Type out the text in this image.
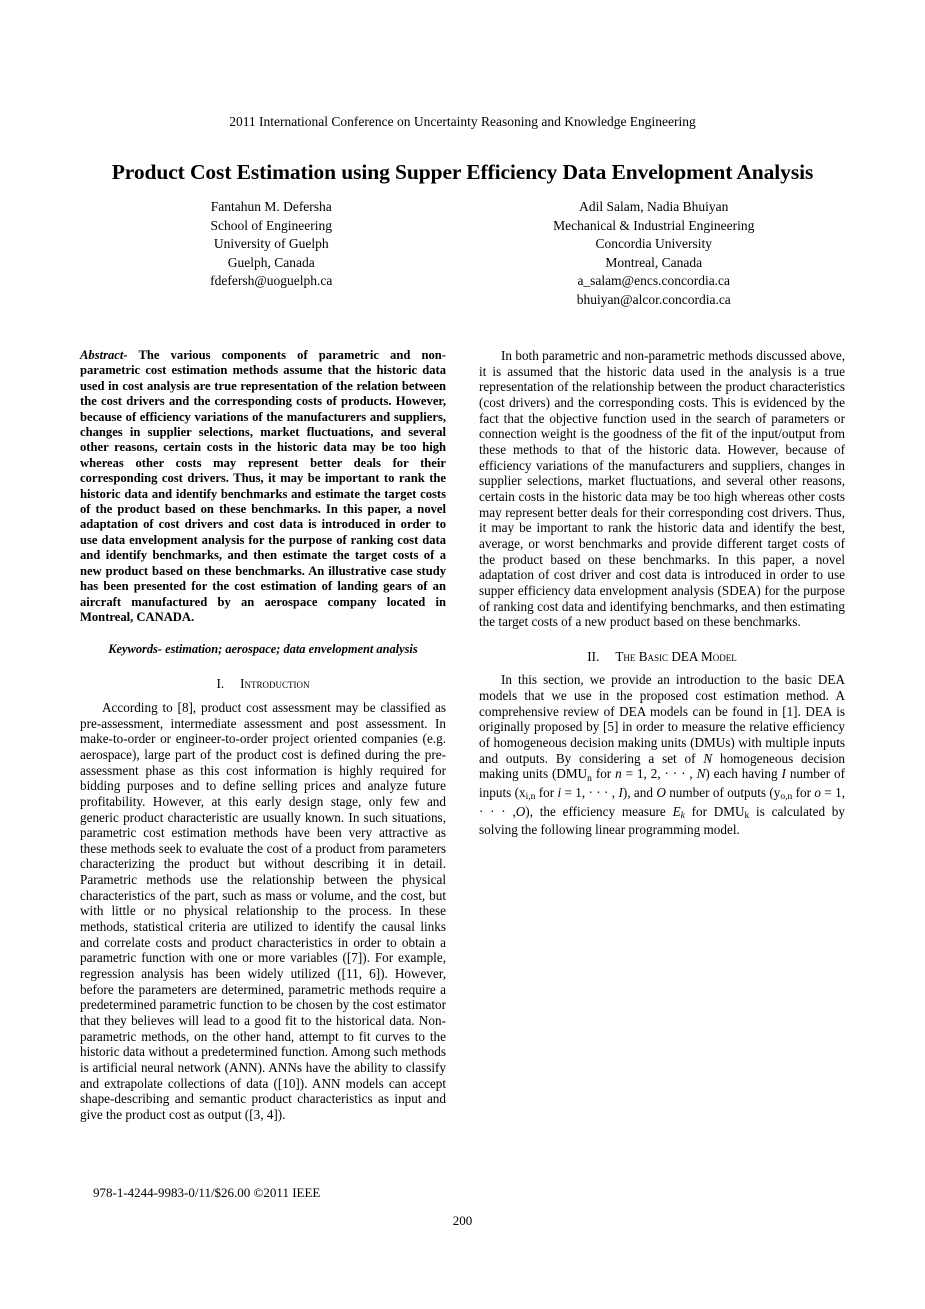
2011 International Conference on Uncertainty Reasoning and Knowledge Engineering
Product Cost Estimation using Supper Efficiency Data Envelopment Analysis
Fantahun M. Defersha
School of Engineering
University of Guelph
Guelph, Canada
fdefersh@uoguelph.ca
Adil Salam, Nadia Bhuiyan
Mechanical & Industrial Engineering
Concordia University
Montreal, Canada
a_salam@encs.concordia.ca
bhuiyan@alcor.concordia.ca
Abstract- The various components of parametric and non-parametric cost estimation methods assume that the historic data used in cost analysis are true representation of the relation between the cost drivers and the corresponding costs of products. However, because of efficiency variations of the manufacturers and suppliers, changes in supplier selections, market fluctuations, and several other reasons, certain costs in the historic data may be too high whereas other costs may represent better deals for their corresponding cost drivers. Thus, it may be important to rank the historic data and identify benchmarks and estimate the target costs of the product based on these benchmarks. In this paper, a novel adaptation of cost drivers and cost data is introduced in order to use data envelopment analysis for the purpose of ranking cost data and identify benchmarks, and then estimate the target costs of a new product based on these benchmarks. An illustrative case study has been presented for the cost estimation of landing gears of an aircraft manufactured by an aerospace company located in Montreal, CANADA.
Keywords- estimation; aerospace; data envelopment analysis
I. Introduction

According to [8], product cost assessment may be classified as pre-assessment, intermediate assessment and post assessment. In make-to-order or engineer-to-order project oriented companies (e.g. aerospace), large part of the product cost is defined during the pre-assessment phase as this cost information is highly required for bidding purposes and to define selling prices and analyze future profitability. However, at this early design stage, only few and generic product characteristic are usually known. In such situations, parametric cost estimation methods have been very attractive as these methods seek to evaluate the cost of a product from parameters characterizing the product but without describing it in detail. Parametric methods use the relationship between the physical characteristics of the part, such as mass or volume, and the cost, but with little or no physical relationship to the process. In these methods, statistical criteria are utilized to identify the causal links and correlate costs and product characteristics in order to obtain a parametric function with one or more variables ([7]). For example, regression analysis has been widely utilized ([11, 6]). However, before the parameters are determined, parametric methods require a predetermined parametric function to be chosen by the cost estimator that they believes will lead to a good fit to the historical data. Non-parametric methods, on the other hand, attempt to fit curves to the historic data without a predetermined function. Among such methods is artificial neural network (ANN). ANNs have the ability to classify and extrapolate collections of data ([10]). ANN models can accept shape-describing and semantic product characteristics as input and give the product cost as output ([3, 4]).

In both parametric and non-parametric methods discussed above, it is assumed that the historic data used in the analysis is a true representation of the relationship between the product characteristics (cost drivers) and the corresponding costs. This is evidenced by the fact that the objective function used in the search of parameters or connection weight is the goodness of the fit of the input/output from these methods to that of the historic data. However, because of efficiency variations of the manufacturers and suppliers, changes in supplier selections, market fluctuations, and several other reasons, certain costs in the historic data may be too high whereas other costs may represent better deals for their corresponding cost drivers. Thus, it may be important to rank the historic data and identify the best, average, or worst benchmarks and provide different target costs of the product based on these benchmarks. In this paper, a novel adaptation of cost driver and cost data is introduced in order to use supper efficiency data envelopment analysis (SDEA) for the purpose of ranking cost data and identifying benchmarks, and then estimating the target costs of a new product based on these benchmarks.

II. The Basic DEA Model

In this section, we provide an introduction to the basic DEA models that we use in the proposed cost estimation method. A comprehensive review of DEA models can be found in [1]. DEA is originally proposed by [5] in order to measure the relative efficiency of homogeneous decision making units (DMUs) with multiple inputs and outputs. By considering a set of N homogeneous decision making units ($DMU_n$ for n = 1, 2, · · · , N) each having I number of inputs ($x_{i,n}$ for i = 1, · · · , I), and O number of outputs ($y_{o,n}$ for o = 1, · · · ,O), the efficiency measure $E_k$ for $DMU_k$ is calculated by solving the following linear programming model.

978-1-4244-9983-0/11/$26.00 ©2011 IEEE
200
